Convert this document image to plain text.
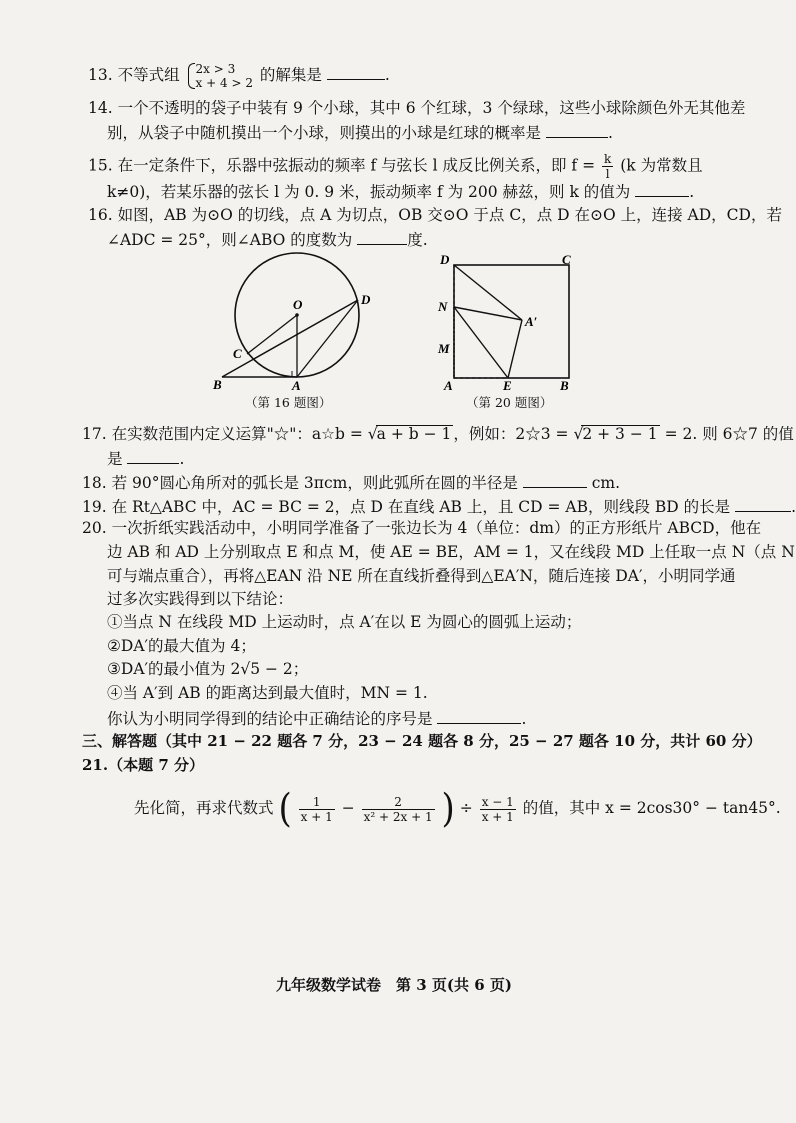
13. 不等式组 2x > 3
x + 4 > 2 的解集是	.
14. 一个不透明的袋子中装有 9 个小球，其中 6 个红球，3 个绿球，这些小球除颜色外无其他差
别，从袋子中随机摸出一个小球，则摸出的小球是红球的概率是	.
15. 在一定条件下，乐器中弦振动的频率 f 与弦长 l 成反比例关系，即 $f = \frac{k}{l} (k$ 为常数且
k≠0)，若某乐器的弦长 l 为 0. 9 米，振动频率 f 为 200 赫兹，则 k 的值为	.
16. 如图，AB 为⊙O 的切线，点 A 为切点，OB 交⊙O 于点 C，点 D 在⊙O 上，连接 AD，CD，若
∠ADC = 25°，则∠ABO 的度数为	度.
O	D
C
B	A
（第 16 题图）
D	C
N
A′
M
A	E	B
（第 20 题图）
17. 在实数范围内定义运算"☆"：a☆b = √a + b − 1 ，例如：2☆3 = √2 + 3 − 1 = 2. 则 6☆7 的值
是	.
18. 若 90°圆心角所对的弧长是 3πcm，则此弧所在圆的半径是	cm.
19. 在 Rt△ABC 中，AC = BC = 2，点 D 在直线 AB 上，且 CD = AB，则线段 BD 的长是	.
20. 一次折纸实践活动中，小明同学准备了一张边长为 4（单位：dm）的正方形纸片 ABCD，他在
边 AB 和 AD 上分别取点 E 和点 M，使 AE = BE，AM = 1，又在线段 MD 上任取一点 N（点 N
可与端点重合），再将△EAN 沿 NE 所在直线折叠得到△EA′N，随后连接 DA′，小明同学通
过多次实践得到以下结论：
①当点 N 在线段 MD 上运动时，点 A′在以 E 为圆心的圆弧上运动；
②DA′的最大值为 4；
③DA′的最小值为 2√5 − 2；
④当 A′到 AB 的距离达到最大值时，MN = 1.
你认为小明同学得到的结论中正确结论的序号是	.
三、解答题（其中 21 − 22 题各 7 分，23 − 24 题各 8 分，25 − 27 题各 10 分，共计 60 分）
21.（本题 7 分）
先化简，再求代数式 ( $\frac{1}{x + 1} - \frac{2}{\text{x² + 2x + 1}}$ ) ÷ $\frac{x - 1}{x + 1}$ 的值，其中 x = 2cos30° − tan45°.
九年级数学试卷　第 3 页(共 6 页)
